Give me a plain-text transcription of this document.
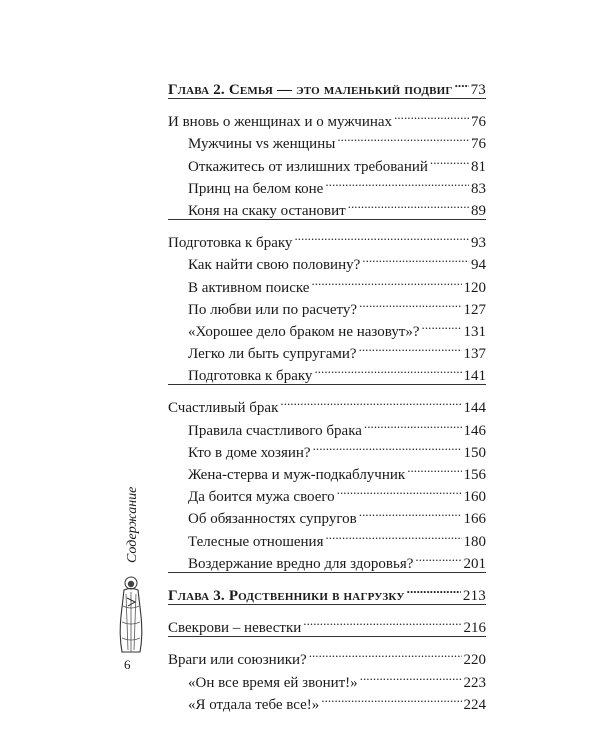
Глава 2. Семья — это маленький подвиг . . . 73
И вновь о женщинах и о мужчинах . . .	76
Мужчины vs женщины . . .	76
Откажитесь от излишних требований . . .	81
Принц на белом коне . . .	83
Коня на скаку остановит . . .	89
Подготовка к браку . . .	93
Как найти свою половину? . . .	94
В активном поиске . . .	120
По любви или по расчету? . . .	127
«Хорошее дело браком не назовут»? . . .	131
Легко ли быть супругами? . . .	137
Подготовка к браку . . .	141
Счастливый брак . . .	144
Правила счастливого брака . . .	146
Кто в доме хозяин? . . .	150
Жена-стерва и муж-подкаблучник . . .	156
Да боится мужа своего . . .	160
Об обязанностях супругов . . .	166
Телесные отношения . . .	180
Воздержание вредно для здоровья? . . .	201
Глава 3. Родственники в нагрузку . . .	213
Свекрови – невестки . . .	216
Враги или союзники? . . .	220
«Он все время ей звонит!» . . .	223
«Я отдала тебе все!» . . .	224
Содержание
6
